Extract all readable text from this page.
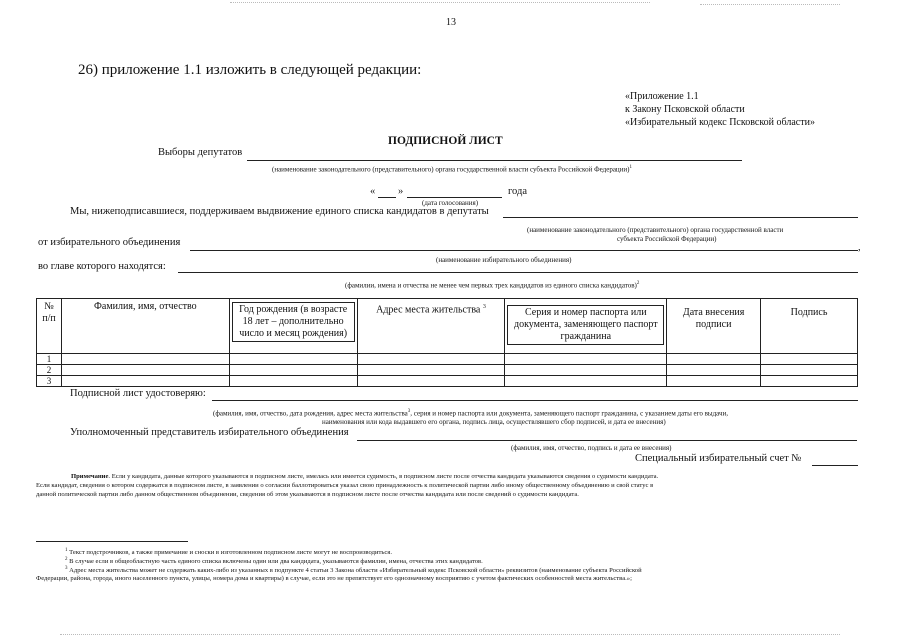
13
26) приложение 1.1 изложить в следующей редакции:
«Приложение 1.1
к Закону Псковской области
«Избирательный кодекс Псковской области»
ПОДПИСНОЙ ЛИСТ
Выборы депутатов
(наименование законодательного (представительного) органа государственной власти субъекта Российской Федерации)$^1$
« »	года
(дата голосования)
Мы, нижеподписавшиеся, поддерживаем выдвижение единого списка кандидатов в депутаты
(наименование законодательного (представительного) органа государственной власти
субъекта Российской Федерации)
от избирательного объединения	,
(наименование избирательного объединения)
во главе которого находятся:
(фамилии, имена и отчества не менее чем первых трех кандидатов из единого списка кандидатов)$^2$
№ п/п	Фамилия, имя, отчество	Год рождения (в возрасте 18 лет – дополнительно число и месяц рождения)	Адрес места жительства $^3$	Серия и номер паспорта или документа, заменяющего паспорт гражданина	Дата внесения подписи	Подпись

1						
2						
3						
Подписной лист удостоверяю:
(фамилия, имя, отчество, дата рождения, адрес места жительства$^3$, серия и номер паспорта или документа, заменяющего паспорт гражданина, с указанием даты его выдачи,
наименования или кода выдавшего его органа, подпись лица, осуществлявшего сбор подписей, и дата ее внесения)
Уполномоченный представитель избирательного объединения
(фамилия, имя, отчество, подпись и дата ее внесения)
Специальный избирательный счет №
Примечание. Если у кандидата, данные которого указываются в подписном листе, имелась или имеется судимость, в подписном листе после отчества кандидата указываются сведения о судимости кандидата.
Если кандидат, сведения о котором содержатся в подписном листе, в заявлении о согласии баллотироваться указал свою принадлежность к политической партии либо иному общественному объединению и свой статус в
данной политической партии либо данном общественном объединении, сведения об этом указываются в подписном листе после отчества кандидата или после сведений о судимости кандидата.
$^1$ Текст подстрочников, а также примечание и сноски в изготовленном подписном листе могут не воспроизводиться.
$^2$ В случае если в общеобластную часть единого списка включены один или два кандидата, указываются фамилии, имена, отчества этих кандидатов.
$^3$ Адрес места жительства может не содержать каких-либо из указанных в подпункте 4 статьи 3 Закона области «Избирательный кодекс Псковской области» реквизитов (наименование субъекта Российской
Федерации, района, города, иного населенного пункта, улицы, номера дома и квартиры) в случае, если это не препятствует его однозначному восприятию с учетом фактических особенностей места жительства.»;
